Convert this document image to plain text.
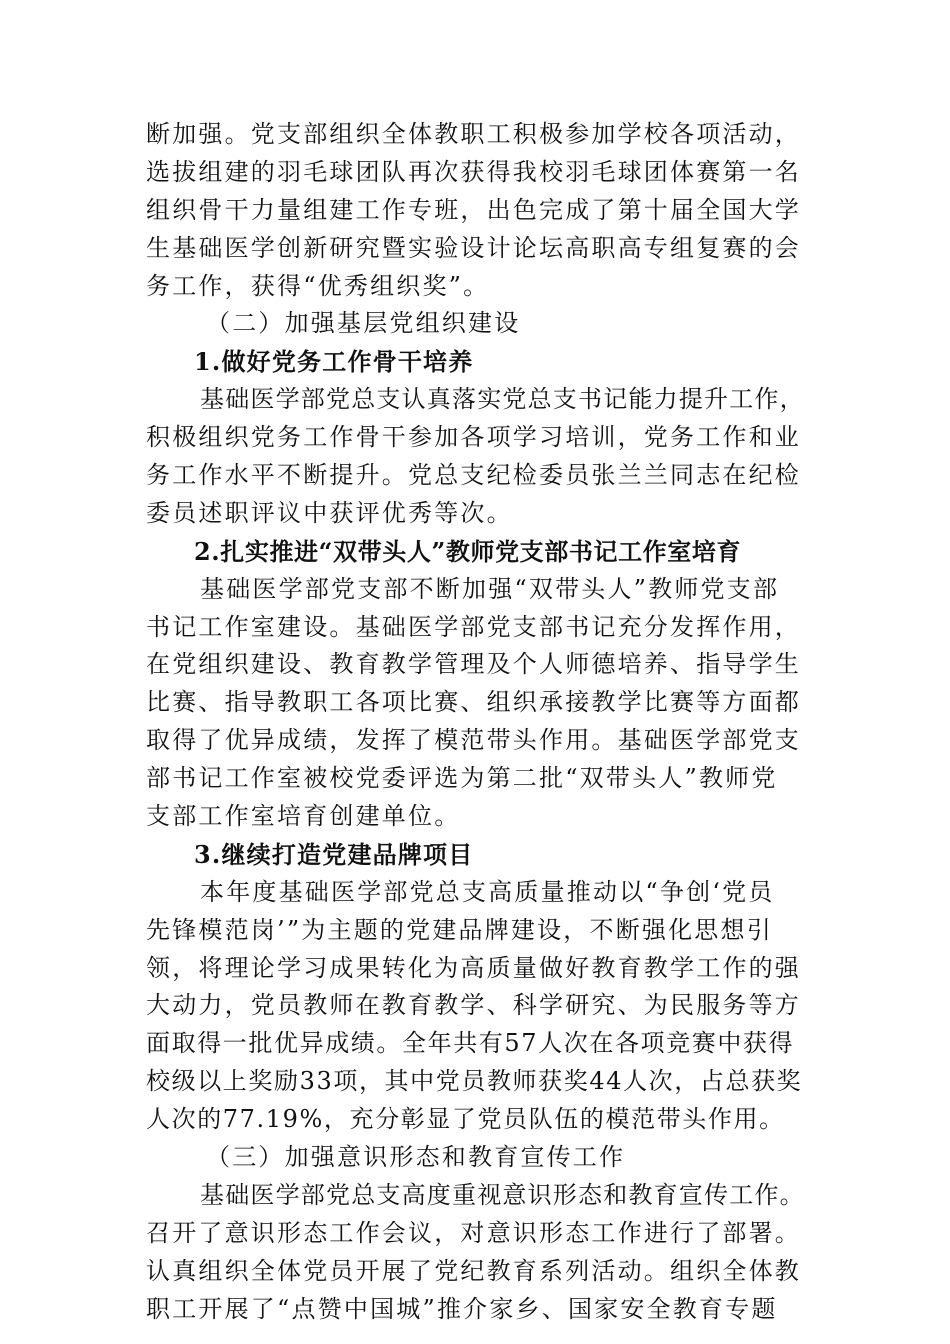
断加强。党支部组织全体教职工积极参加学校各项活动，
选拔组建的羽毛球团队再次获得我校羽毛球团体赛第一名
组织骨干力量组建工作专班，出色完成了第十届全国大学
生基础医学创新研究暨实验设计论坛高职高专组复赛的会
务工作，获得“优秀组织奖”。
（二）加强基层党组织建设
1.做好党务工作骨干培养
基础医学部党总支认真落实党总支书记能力提升工作，
积极组织党务工作骨干参加各项学习培训，党务工作和业
务工作水平不断提升。党总支纪检委员张兰兰同志在纪检
委员述职评议中获评优秀等次。
2.扎实推进“双带头人”教师党支部书记工作室培育
基础医学部党支部不断加强“双带头人”教师党支部
书记工作室建设。基础医学部党支部书记充分发挥作用，
在党组织建设、教育教学管理及个人师德培养、指导学生
比赛、指导教职工各项比赛、组织承接教学比赛等方面都
取得了优异成绩，发挥了模范带头作用。基础医学部党支
部书记工作室被校党委评选为第二批“双带头人”教师党
支部工作室培育创建单位。
3.继续打造党建品牌项目
本年度基础医学部党总支高质量推动以“争创‘党员
先锋模范岗’”为主题的党建品牌建设，不断强化思想引
领，将理论学习成果转化为高质量做好教育教学工作的强
大动力，党员教师在教育教学、科学研究、为民服务等方
面取得一批优异成绩。全年共有57人次在各项竞赛中获得
校级以上奖励33项，其中党员教师获奖44人次，占总获奖
人次的77.19%，充分彰显了党员队伍的模范带头作用。
（三）加强意识形态和教育宣传工作
基础医学部党总支高度重视意识形态和教育宣传工作。
召开了意识形态工作会议，对意识形态工作进行了部署。
认真组织全体党员开展了党纪教育系列活动。组织全体教
职工开展了“点赞中国城”推介家乡、国家安全教育专题
